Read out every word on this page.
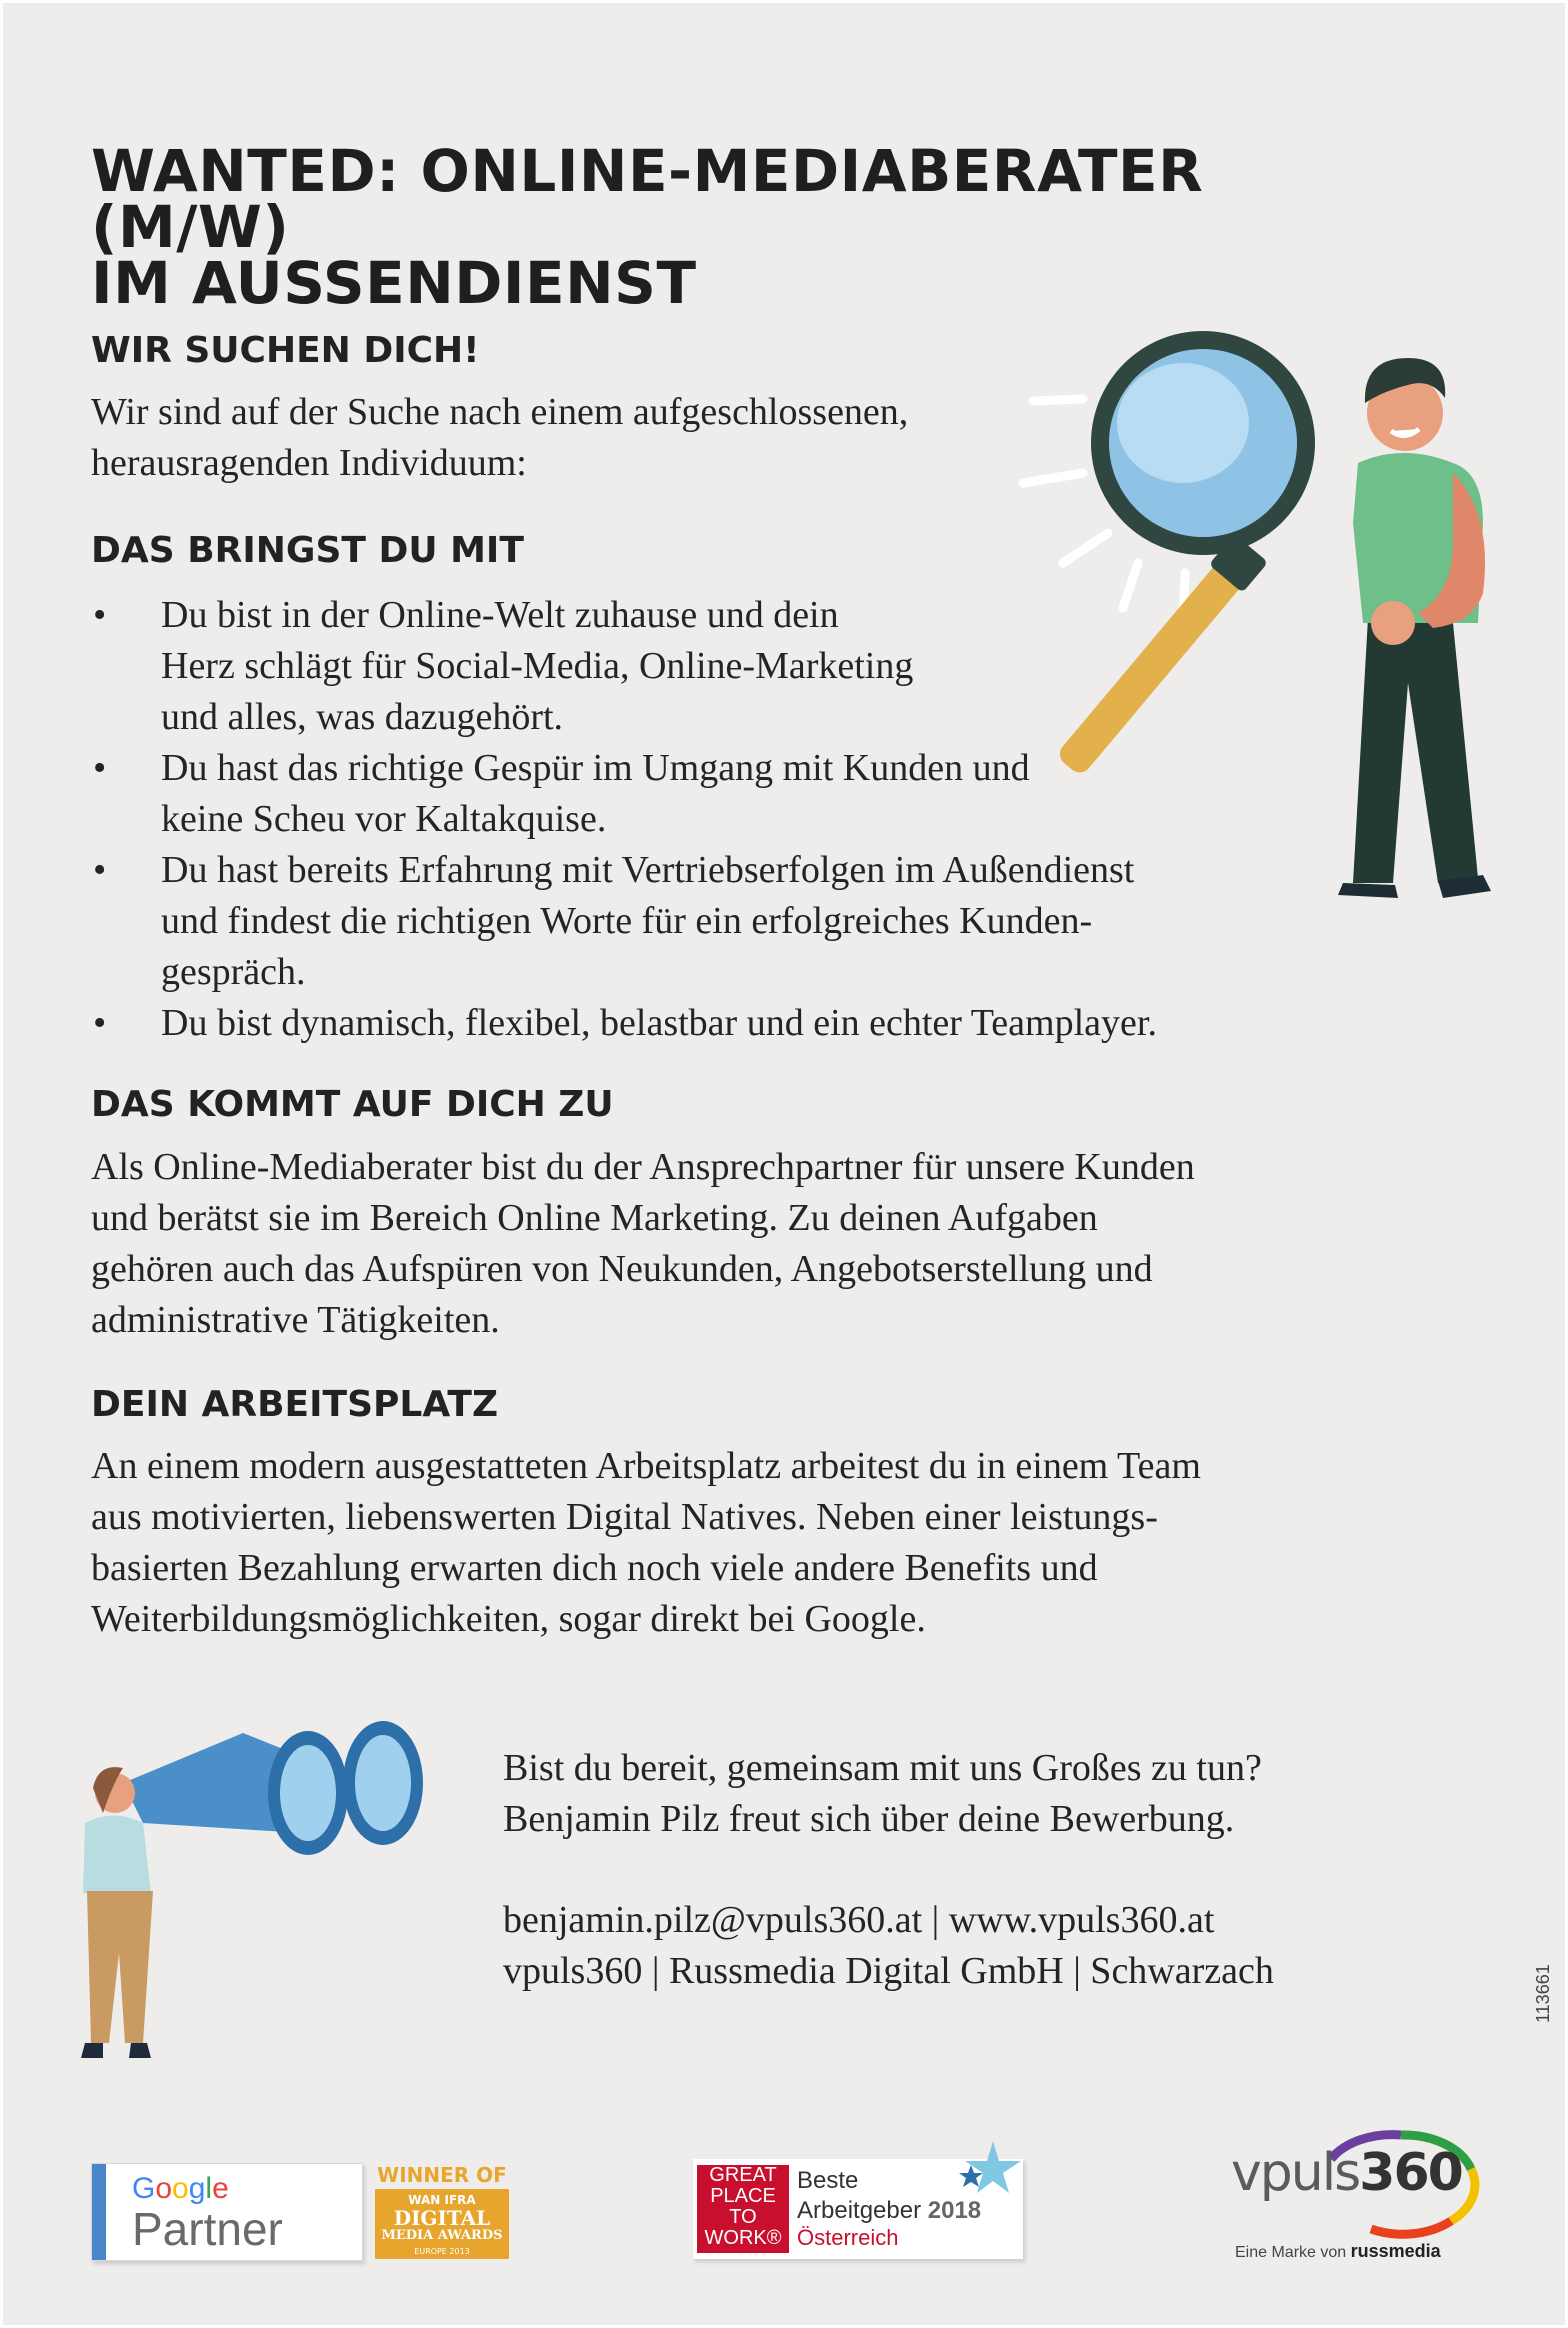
WANTED: ONLINE-MEDIABERATER (M/W)
IM AUSSENDIENST
WIR SUCHEN DICH!
Wir sind auf der Suche nach einem aufgeschlossenen,
herausragenden Individuum:
DAS BRINGST DU MIT
• Du bist in der Online-Welt zuhause und dein
Herz schlägt für Social-Media, Online-Marketing
und alles, was dazugehört.
• Du hast das richtige Gespür im Umgang mit Kunden und
keine Scheu vor Kaltakquise.
• Du hast bereits Erfahrung mit Vertriebserfolgen im Außendienst
und findest die richtigen Worte für ein erfolgreiches Kunden-
gespräch.
• Du bist dynamisch, flexibel, belastbar und ein echter Teamplayer.
DAS KOMMT AUF DICH ZU
Als Online-Mediaberater bist du der Ansprechpartner für unsere Kunden
und berätst sie im Bereich Online Marketing. Zu deinen Aufgaben
gehören auch das Aufspüren von Neukunden, Angebotserstellung und
administrative Tätigkeiten.
DEIN ARBEITSPLATZ
An einem modern ausgestatteten Arbeitsplatz arbeitest du in einem Team
aus motivierten, liebenswerten Digital Natives. Neben einer leistungs-
basierten Bezahlung erwarten dich noch viele andere Benefits und
Weiterbildungsmöglichkeiten, sogar direkt bei Google.
Bist du bereit, gemeinsam mit uns Großes zu tun?
Benjamin Pilz freut sich über deine Bewerbung.
benjamin.pilz@vpuls360.at | www.vpuls360.at
vpuls360 | Russmedia Digital GmbH | Schwarzach	113661
Google
Partner
WINNER OF
WAN IFRA
DIGITAL
MEDIA AWARDS
EUROPE 2013
GREAT
PLACE
TO
WORK®
Beste
Arbeitgeber 2018
Österreich
vpuls360
Eine Marke von russmedia
